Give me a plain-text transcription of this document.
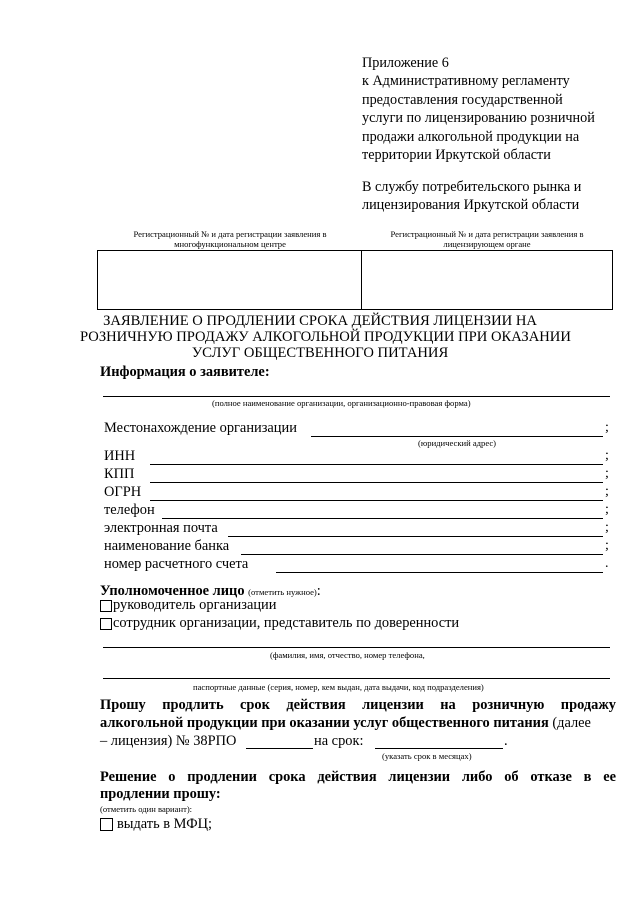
Приложение 6
к Административному регламенту
предоставления государственной
услуги по лицензированию розничной
продажи алкогольной продукции на
территории Иркутской области
В службу потребительского рынка и
лицензирования Иркутской области
Регистрационный № и дата регистрации заявления в
многофункциональном центре
Регистрационный № и дата регистрации заявления в
лицензирующем органе
ЗАЯВЛЕНИЕ О ПРОДЛЕНИИ СРОКА ДЕЙСТВИЯ ЛИЦЕНЗИИ НА
РОЗНИЧНУЮ ПРОДАЖУ АЛКОГОЛЬНОЙ ПРОДУКЦИИ ПРИ ОКАЗАНИИ
УСЛУГ ОБЩЕСТВЕННОГО ПИТАНИЯ
Информация о заявителе:
(полное наименование организации, организационно-правовая форма)
Местонахождение организации	;
(юридический адрес)
ИНН	;
КПП	;
ОГРН	;
телефон	;
электронная почта	;
наименование банка	;
номер расчетного счета	.
Уполномоченное лицо (отметить нужное):
руководитель организации
сотрудник организации, представитель по доверенности
(фамилия, имя, отчество, номер телефона,
паспортные данные (серия, номер, кем выдан, дата выдачи, код подразделения)
Прошу продлить срок действия лицензии на розничную продажу
алкогольной продукции при оказании услуг общественного питания (далее
– лицензия) № 38РПО	на срок:	.
(указать срок в месяцах)
Решение о продлении срока действия лицензии либо об отказе в ее
продлении прошу:
(отметить один вариант):
выдать в МФЦ;
